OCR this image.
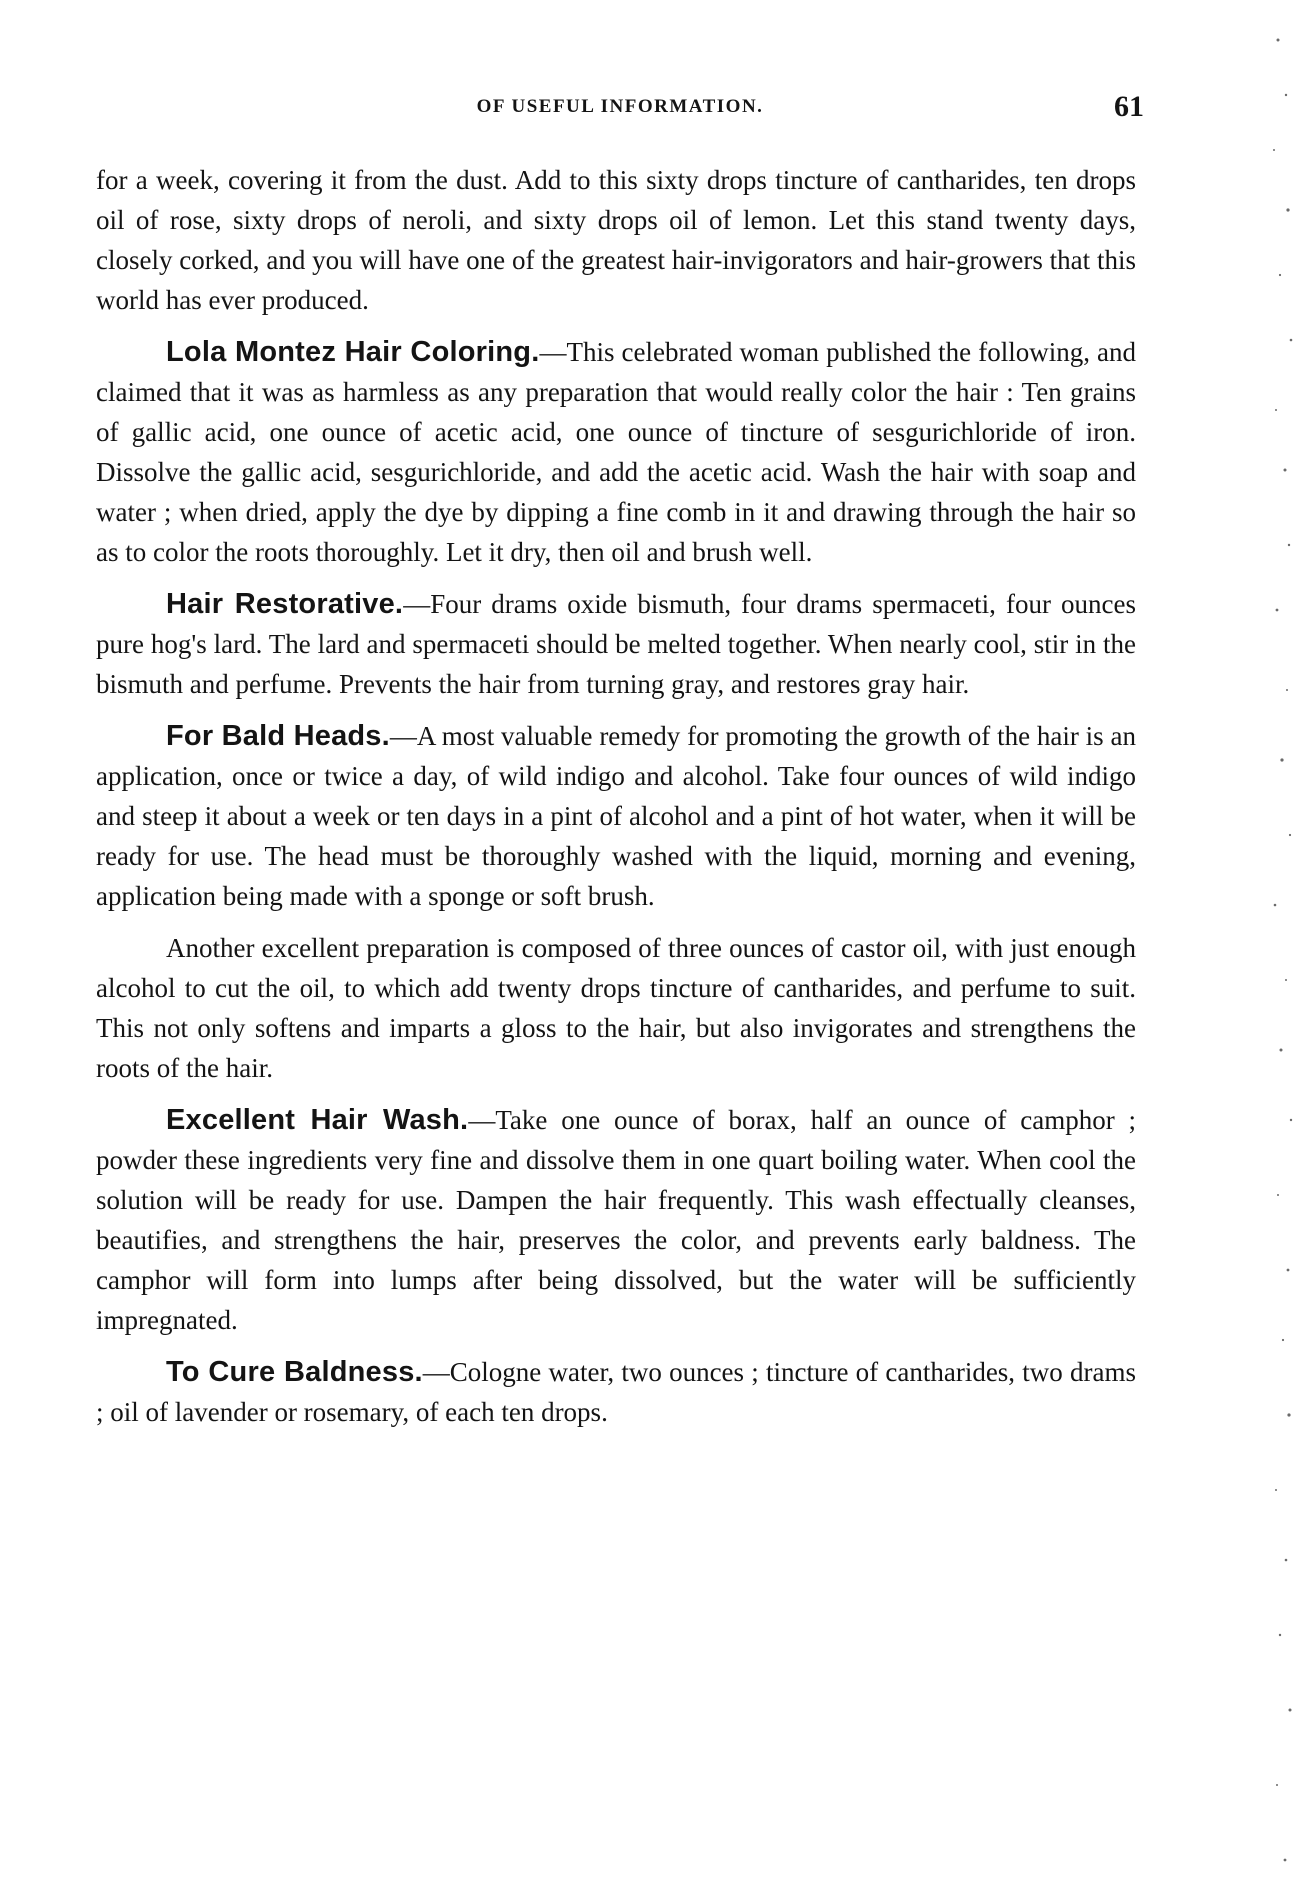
OF USEFUL INFORMATION.	61

for a week, covering it from the dust. Add to this sixty drops tincture of cantharides, ten drops oil of rose, sixty drops of neroli, and sixty drops oil of lemon. Let this stand twenty days, closely corked, and you will have one of the greatest hair-invigorators and hair-growers that this world has ever produced.

Lola Montez Hair Coloring.—This celebrated woman published the following, and claimed that it was as harmless as any preparation that would really color the hair : Ten grains of gallic acid, one ounce of acetic acid, one ounce of tincture of sesgurichloride of iron. Dissolve the gallic acid, sesgurichloride, and add the acetic acid. Wash the hair with soap and water ; when dried, apply the dye by dipping a fine comb in it and drawing through the hair so as to color the roots thoroughly. Let it dry, then oil and brush well.

Hair Restorative.—Four drams oxide bismuth, four drams spermaceti, four ounces pure hog's lard. The lard and spermaceti should be melted together. When nearly cool, stir in the bismuth and perfume. Prevents the hair from turning gray, and restores gray hair.

For Bald Heads.—A most valuable remedy for promoting the growth of the hair is an application, once or twice a day, of wild indigo and alcohol. Take four ounces of wild indigo and steep it about a week or ten days in a pint of alcohol and a pint of hot water, when it will be ready for use. The head must be thoroughly washed with the liquid, morning and evening, application being made with a sponge or soft brush.

Another excellent preparation is composed of three ounces of castor oil, with just enough alcohol to cut the oil, to which add twenty drops tincture of cantharides, and perfume to suit. This not only softens and imparts a gloss to the hair, but also invigorates and strengthens the roots of the hair.

Excellent Hair Wash.—Take one ounce of borax, half an ounce of camphor ; powder these ingredients very fine and dissolve them in one quart boiling water. When cool the solution will be ready for use. Dampen the hair frequently. This wash effectually cleanses, beautifies, and strengthens the hair, preserves the color, and prevents early baldness. The camphor will form into lumps after being dissolved, but the water will be sufficiently impregnated.

To Cure Baldness.—Cologne water, two ounces ; tincture of cantharides, two drams ; oil of lavender or rosemary, of each ten drops.
